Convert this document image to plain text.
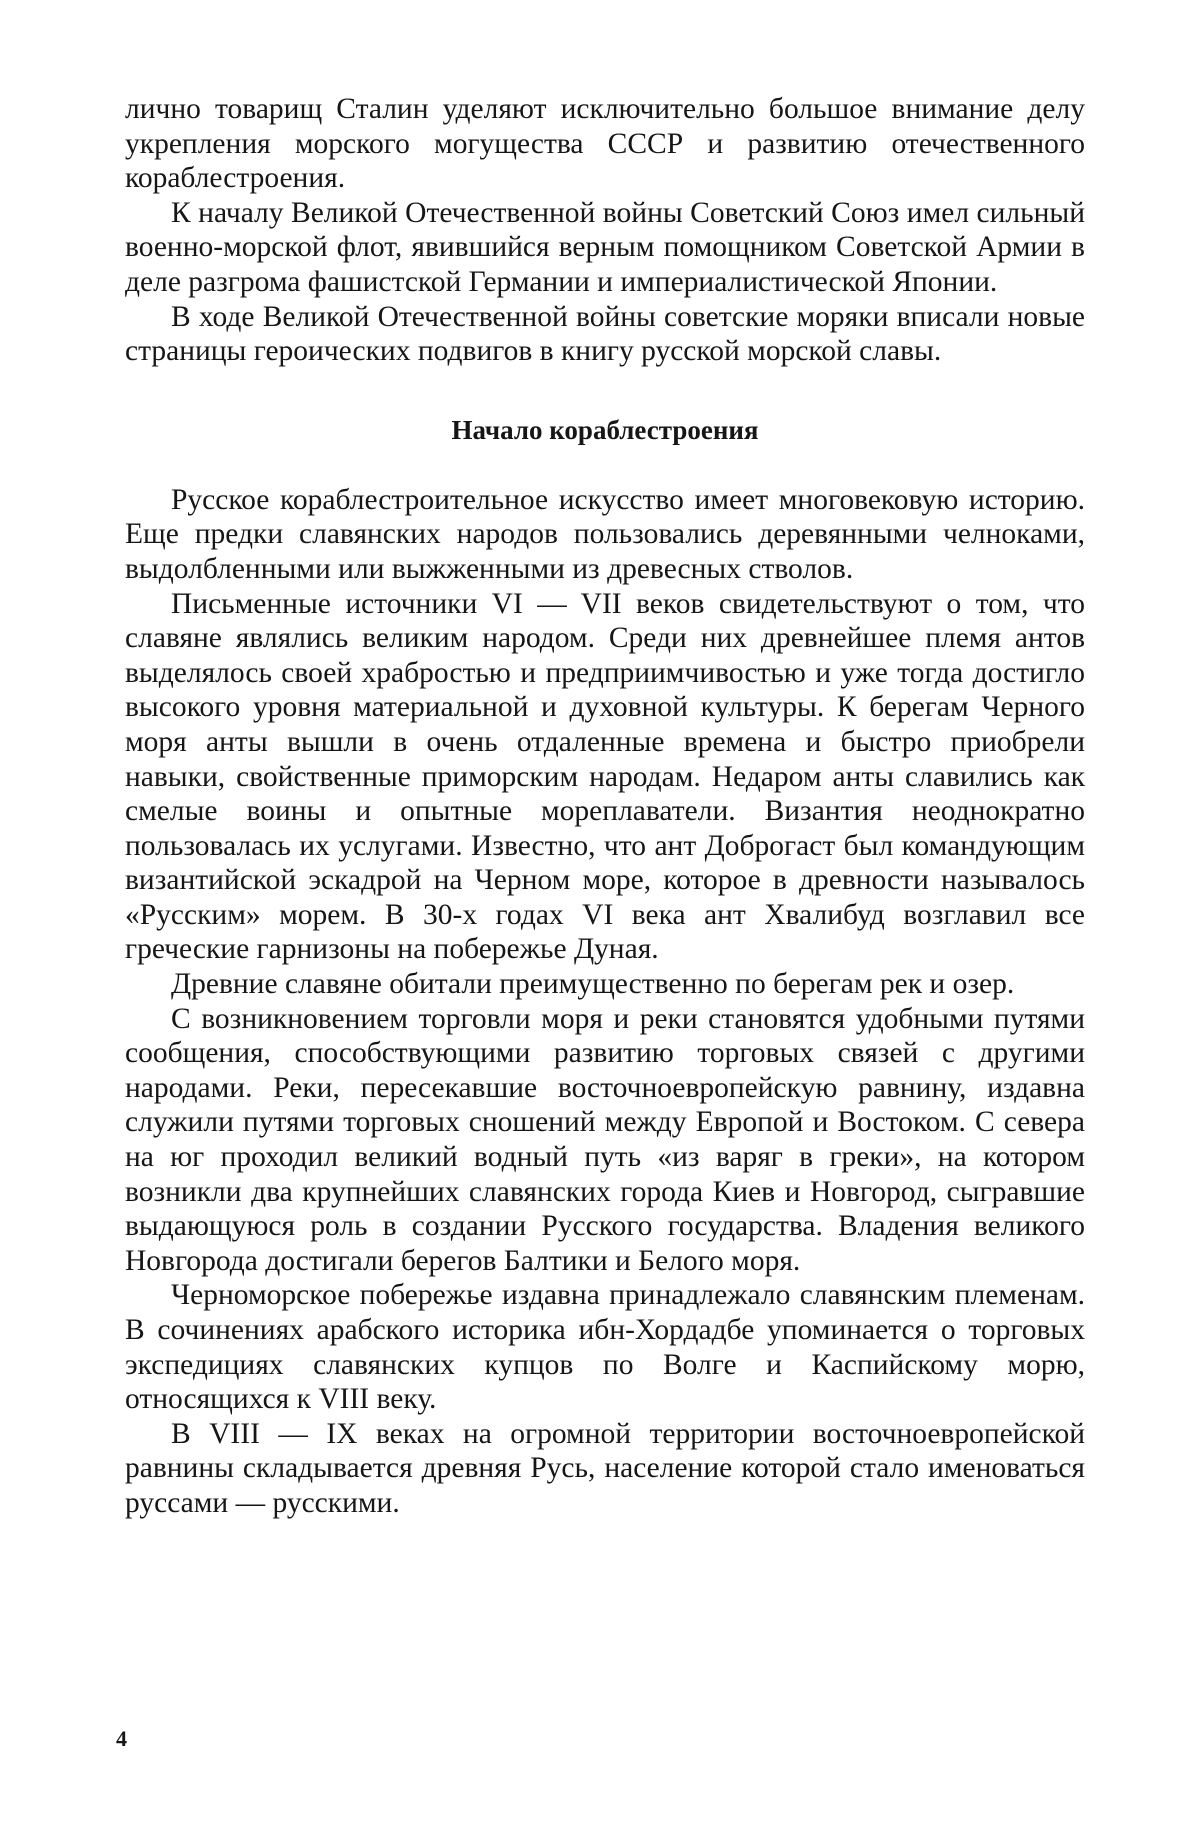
лично товарищ Сталин уделяют исключительно большое внимание делу укрепления морского могущества СССР и развитию отечественного кораблестроения.

К началу Великой Отечественной войны Советский Союз имел сильный военно-морской флот, явившийся верным помощником Советской Армии в деле разгрома фашистской Германии и империалистической Японии.

В ходе Великой Отечественной войны советские моряки вписали новые страницы героических подвигов в книгу русской морской славы.

Начало кораблестроения

Русское кораблестроительное искусство имеет многовековую историю. Еще предки славянских народов пользовались деревянными челноками, выдолбленными или выжженными из древесных стволов.

Письменные источники VI — VII веков свидетельствуют о том, что славяне являлись великим народом. Среди них древнейшее племя антов выделялось своей храбростью и предприимчивостью и уже тогда достигло высокого уровня материальной и духовной культуры. К берегам Черного моря анты вышли в очень отдаленные времена и быстро приобрели навыки, свойственные приморским народам. Недаром анты славились как смелые воины и опытные мореплаватели. Византия неоднократно пользовалась их услугами. Известно, что ант Доброгаст был командующим византийской эскадрой на Черном море, которое в древности называлось «Русским» морем. В 30-х годах VI века ант Хвалибуд возглавил все греческие гарнизоны на побережье Дуная.

Древние славяне обитали преимущественно по берегам рек и озер.

С возникновением торговли моря и реки становятся удобными путями сообщения, способствующими развитию торговых связей с другими народами. Реки, пересекавшие восточноевропейскую равнину, издавна служили путями торговых сношений между Европой и Востоком. С севера на юг проходил великий водный путь «из варяг в греки», на котором возникли два крупнейших славянских города Киев и Новгород, сыгравшие выдающуюся роль в создании Русского государства. Владения великого Новгорода достигали берегов Балтики и Белого моря.

Черноморское побережье издавна принадлежало славянским племенам. В сочинениях арабского историка ибн-Хордадбе упоминается о торговых экспедициях славянских купцов по Волге и Каспийскому морю, относящихся к VIII веку.

В VIII — IX веках на огромной территории восточноевропейской равнины складывается древняя Русь, население которой стало именоваться руссами — русскими.

4
